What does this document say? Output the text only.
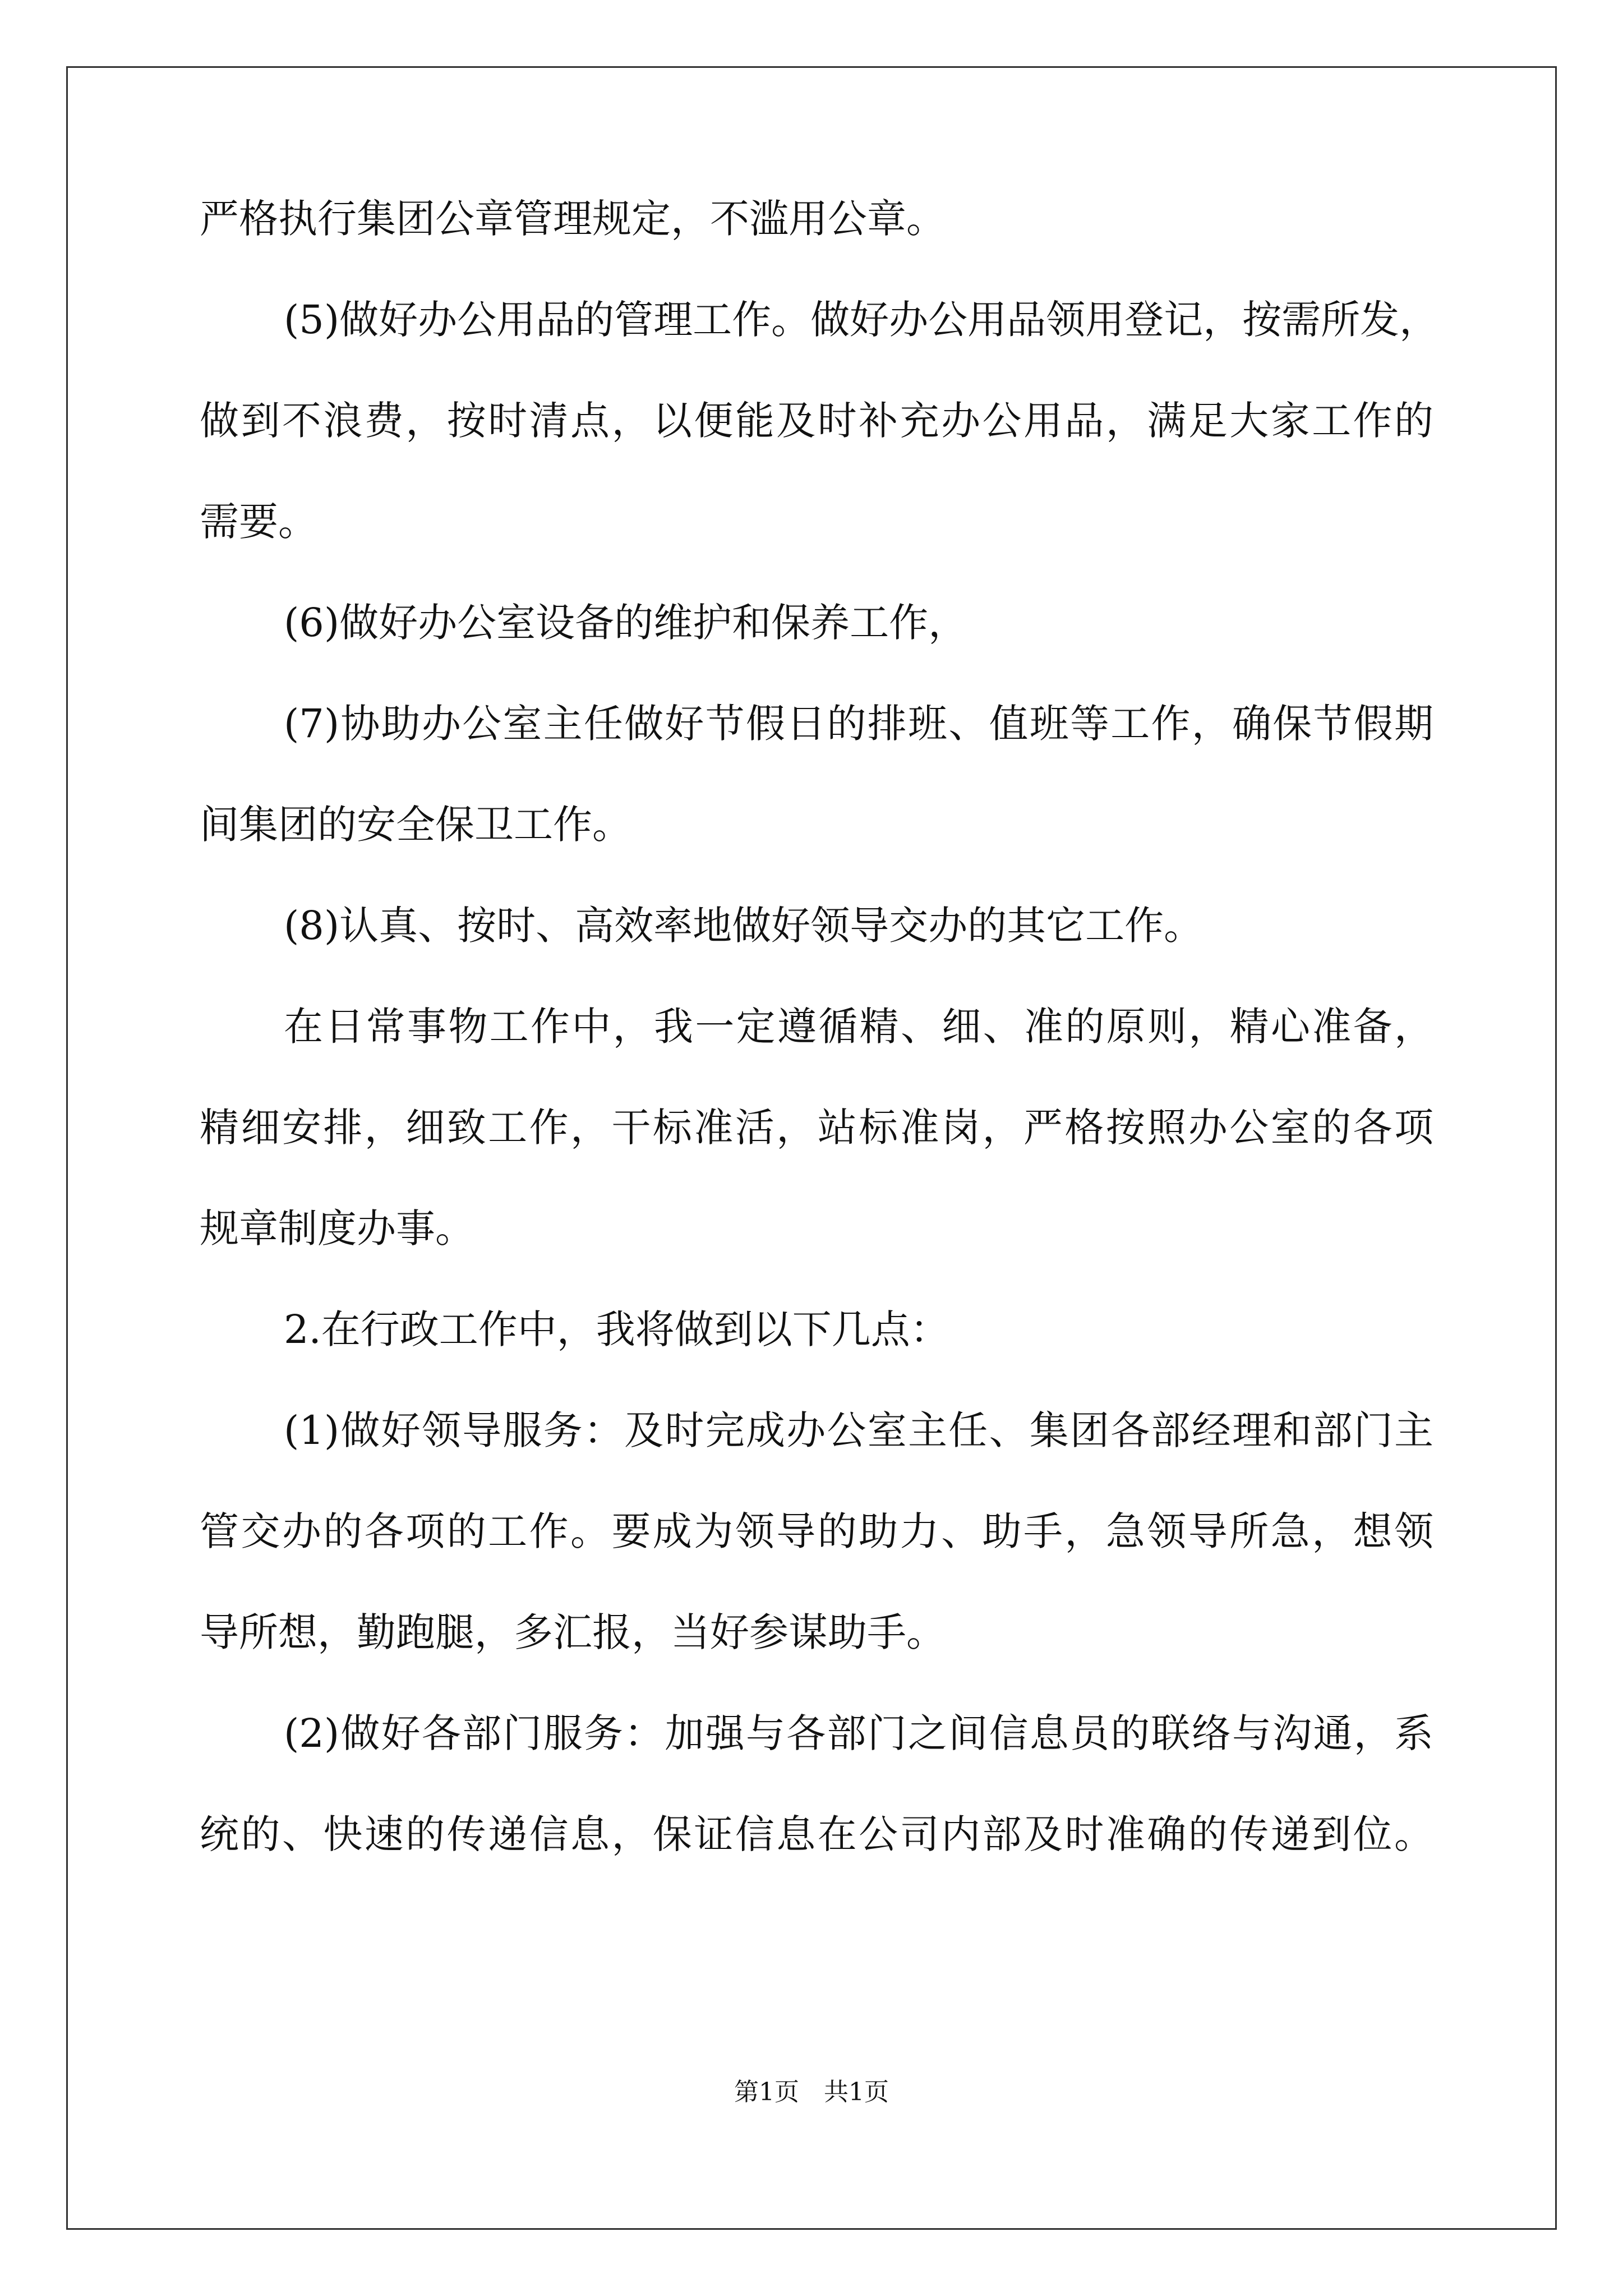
严格执行集团公章管理规定，不滥用公章。
(5)做好办公用品的管理工作。做好办公用品领用登记，按需所发，
做到不浪费，按时清点，以便能及时补充办公用品，满足大家工作的
需要。
(6)做好办公室设备的维护和保养工作，
(7)协助办公室主任做好节假日的排班、值班等工作，确保节假期
间集团的安全保卫工作。
(8)认真、按时、高效率地做好领导交办的其它工作。
在日常事物工作中，我一定遵循精、细、准的原则，精心准备，
精细安排，细致工作，干标准活，站标准岗，严格按照办公室的各项
规章制度办事。
2.在行政工作中，我将做到以下几点：
(1)做好领导服务：及时完成办公室主任、集团各部经理和部门主
管交办的各项的工作。要成为领导的助力、助手，急领导所急，想领
导所想，勤跑腿，多汇报，当好参谋助手。
(2)做好各部门服务：加强与各部门之间信息员的联络与沟通，系
统的、快速的传递信息，保证信息在公司内部及时准确的传递到位。
第1页　共1页
